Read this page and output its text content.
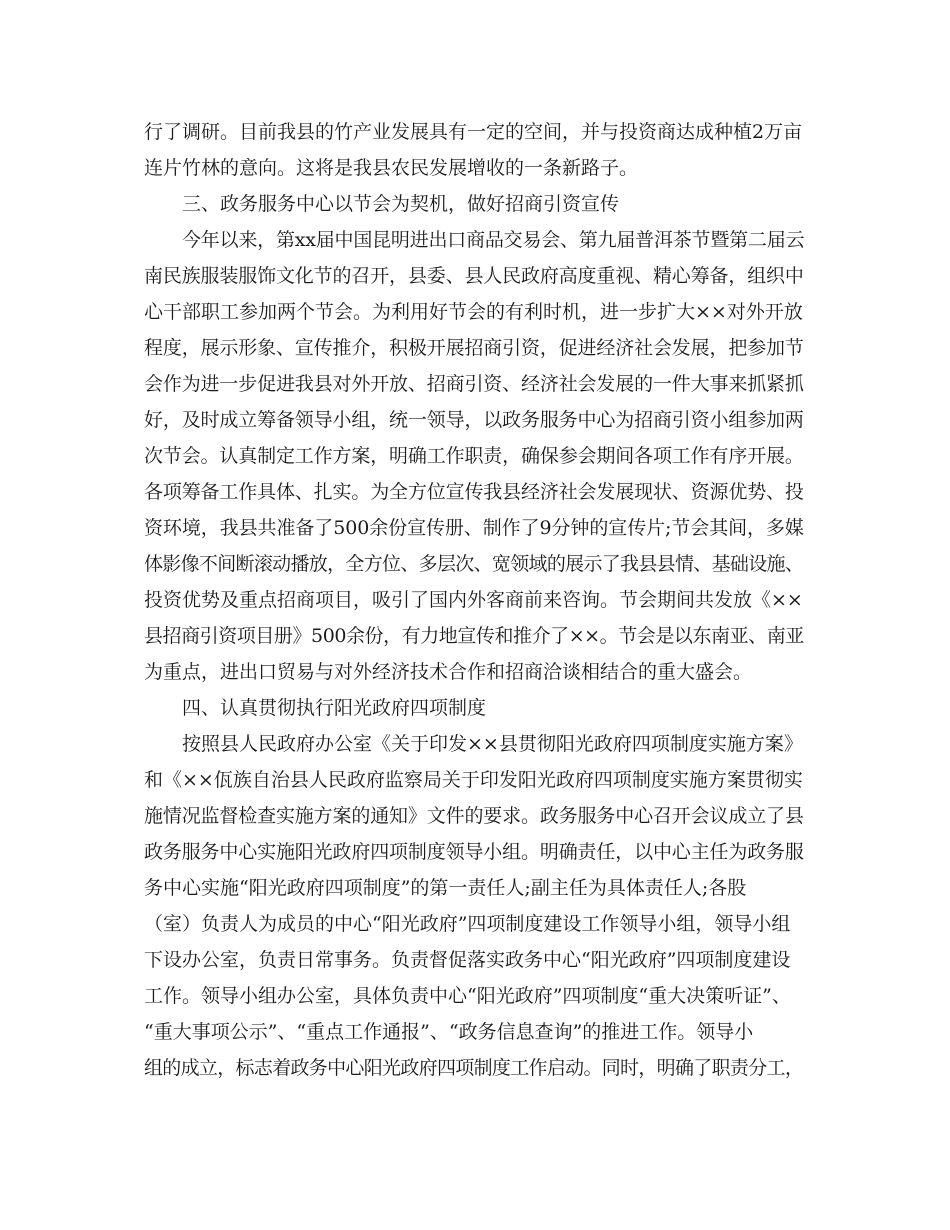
行了调研。目前我县的竹产业发展具有一定的空间，并与投资商达成种植2万亩
连片竹林的意向。这将是我县农民发展增收的一条新路子。
三、政务服务中心以节会为契机，做好招商引资宣传
今年以来，第xx届中国昆明进出口商品交易会、第九届普洱茶节暨第二届云
南民族服装服饰文化节的召开，县委、县人民政府高度重视、精心筹备，组织中
心干部职工参加两个节会。为利用好节会的有利时机，进一步扩大××对外开放
程度，展示形象、宣传推介，积极开展招商引资，促进经济社会发展，把参加节
会作为进一步促进我县对外开放、招商引资、经济社会发展的一件大事来抓紧抓
好，及时成立筹备领导小组，统一领导，以政务服务中心为招商引资小组参加两
次节会。认真制定工作方案，明确工作职责，确保参会期间各项工作有序开展。
各项筹备工作具体、扎实。为全方位宣传我县经济社会发展现状、资源优势、投
资环境，我县共准备了500余份宣传册、制作了9分钟的宣传片;节会其间，多媒
体影像不间断滚动播放，全方位、多层次、宽领域的展示了我县县情、基础设施、
投资优势及重点招商项目，吸引了国内外客商前来咨询。节会期间共发放《××
县招商引资项目册》500余份，有力地宣传和推介了××。节会是以东南亚、南亚
为重点，进出口贸易与对外经济技术合作和招商洽谈相结合的重大盛会。
四、认真贯彻执行阳光政府四项制度
按照县人民政府办公室《关于印发××县贯彻阳光政府四项制度实施方案》
和《××佤族自治县人民政府监察局关于印发阳光政府四项制度实施方案贯彻实
施情况监督检查实施方案的通知》文件的要求。政务服务中心召开会议成立了县
政务服务中心实施阳光政府四项制度领导小组。明确责任，以中心主任为政务服
务中心实施“阳光政府四项制度”的第一责任人;副主任为具体责任人;各股
（室）负责人为成员的中心“阳光政府”四项制度建设工作领导小组，领导小组
下设办公室，负责日常事务。负责督促落实政务中心“阳光政府”四项制度建设
工作。领导小组办公室，具体负责中心“阳光政府”四项制度“重大决策听证”、
“重大事项公示”、“重点工作通报”、“政务信息查询”的推进工作。领导小
组的成立，标志着政务中心阳光政府四项制度工作启动。同时，明确了职责分工，
